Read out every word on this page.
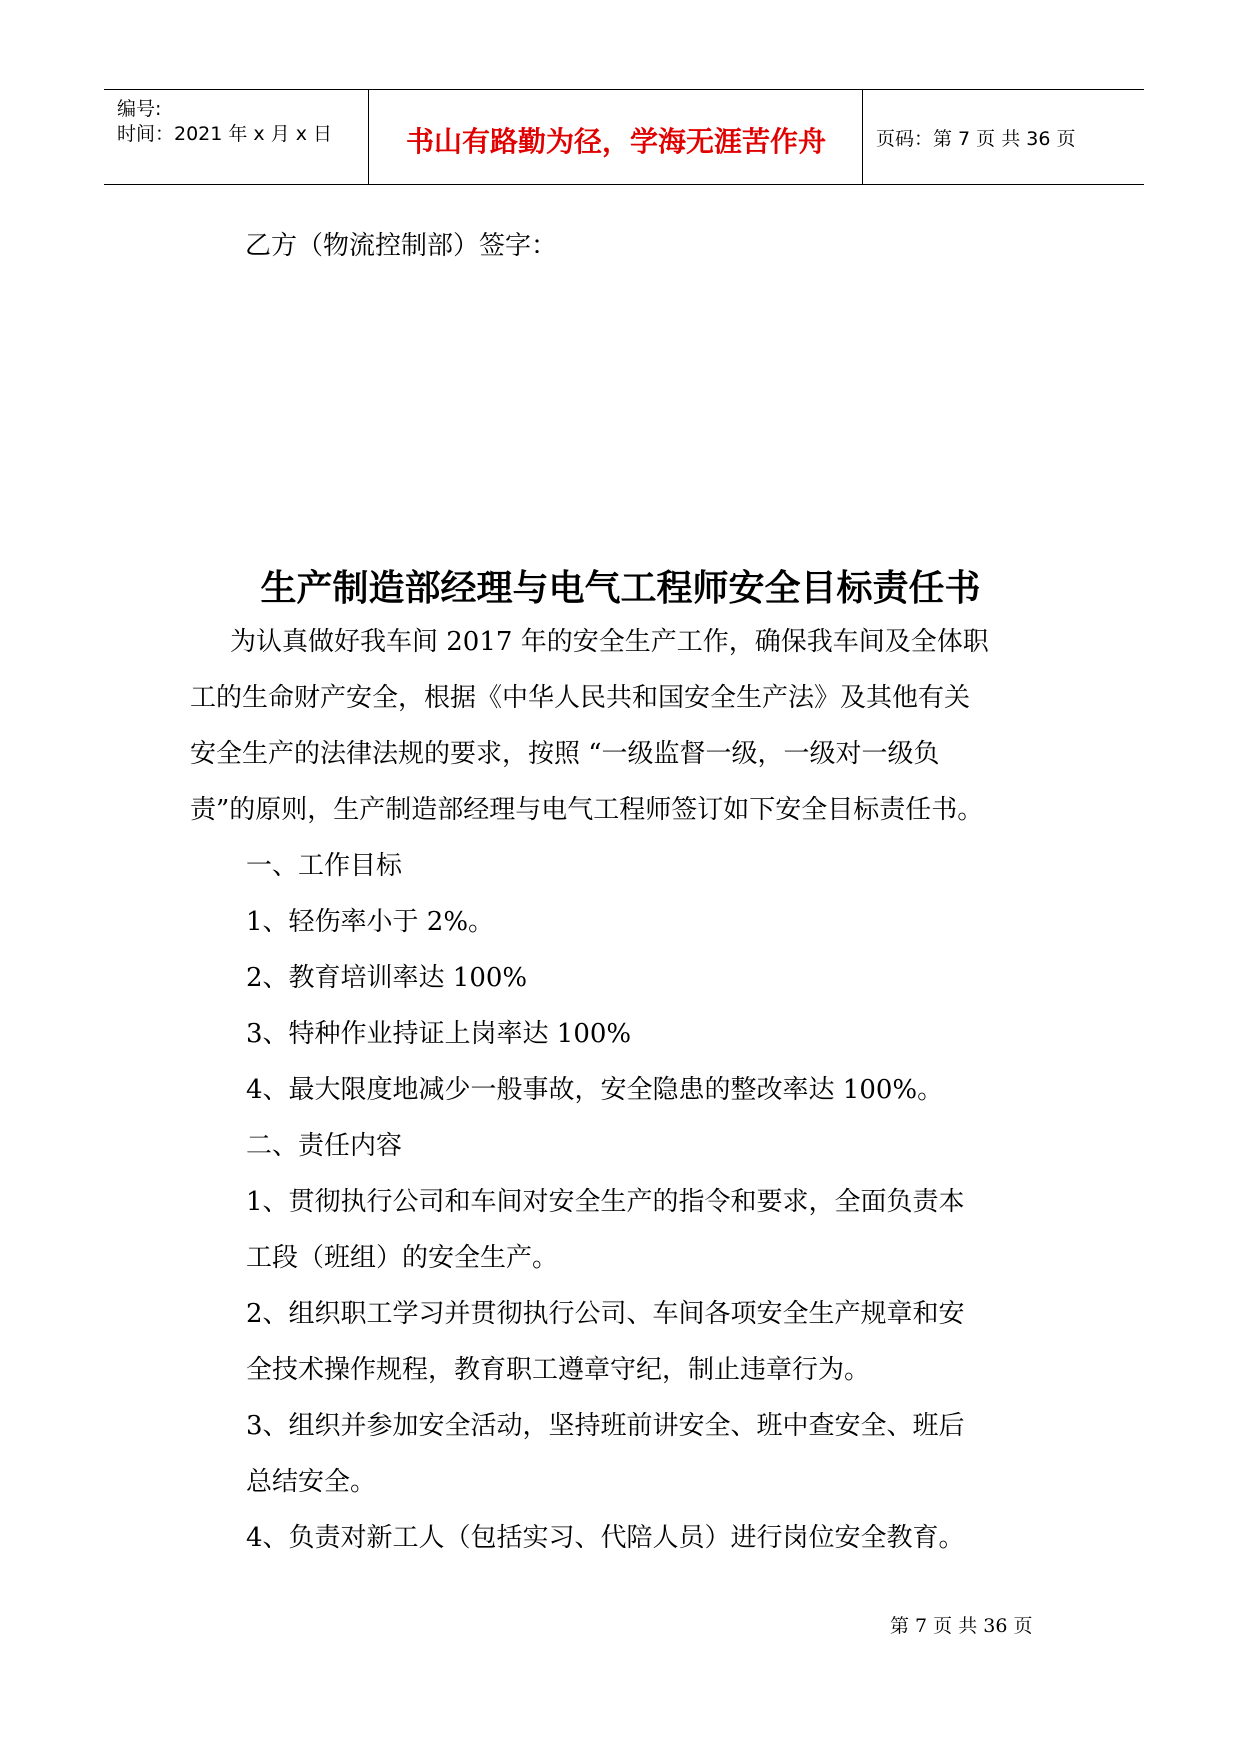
编号:
时间：2021 年 x 月 x 日	书山有路勤为径，学海无涯苦作舟	页码：第 7 页 共 36 页
乙方（物流控制部）签字：
生产制造部经理与电气工程师安全目标责任书
为认真做好我车间 2017 年的安全生产工作，确保我车间及全体职
工的生命财产安全，根据《中华人民共和国安全生产法》及其他有关
安全生产的法律法规的要求，按照 “一级监督一级，一级对一级负
责”的原则，生产制造部经理与电气工程师签订如下安全目标责任书。
一、工作目标
1、轻伤率小于 2%。
2、教育培训率达 100%
3、特种作业持证上岗率达 100%
4、最大限度地减少一般事故，安全隐患的整改率达 100%。
二、责任内容
1、贯彻执行公司和车间对安全生产的指令和要求，全面负责本
工段（班组）的安全生产。
2、组织职工学习并贯彻执行公司、车间各项安全生产规章和安
全技术操作规程，教育职工遵章守纪，制止违章行为。
3、组织并参加安全活动，坚持班前讲安全、班中查安全、班后
总结安全。
4、负责对新工人（包括实习、代陪人员）进行岗位安全教育。
第 7 页 共 36 页
